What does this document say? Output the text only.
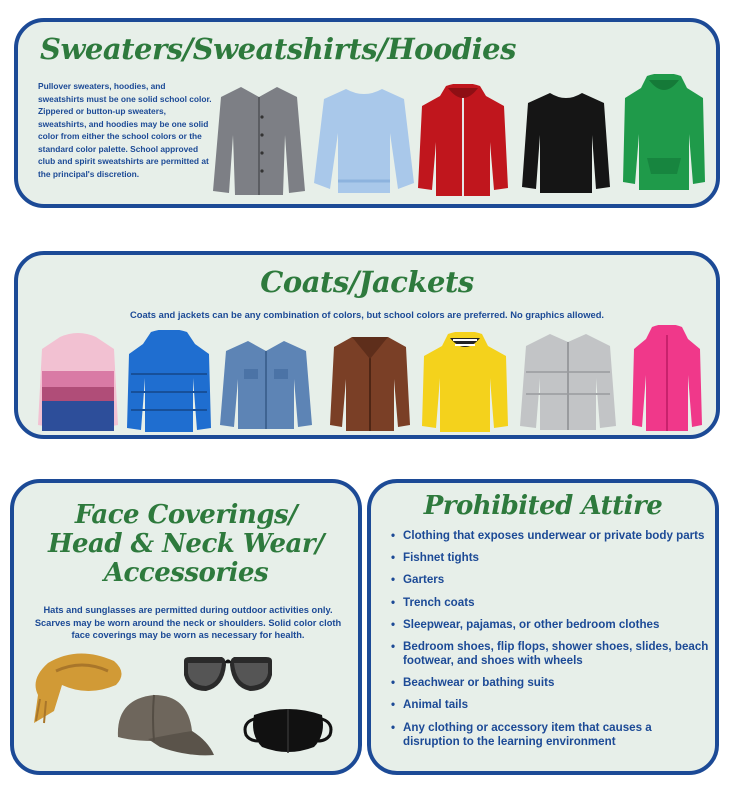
Sweaters/Sweatshirts/Hoodies

Pullover sweaters, hoodies, and sweatshirts must be one solid school color. Zippered or button-up sweaters, sweatshirts, and hoodies may be one solid color from either the school colors or the standard color palette. School approved club and spirit sweatshirts are permitted at the principal's discretion.

Coats/Jackets

Coats and jackets can be any combination of colors, but school colors are preferred. No graphics allowed.

Face Coverings/
Head & Neck Wear/
Accessories

Hats and sunglasses are permitted during outdoor activities only. Scarves may be worn around the neck or shoulders. Solid color cloth face coverings may be worn as necessary for health.

Prohibited Attire
• Clothing that exposes underwear or private body parts
• Fishnet tights
• Garters
• Trench coats
• Sleepwear, pajamas, or other bedroom clothes
• Bedroom shoes, flip flops, shower shoes, slides, beach footwear, and shoes with wheels
• Beachwear or bathing suits
• Animal tails
• Any clothing or accessory item that causes a disruption to the learning environment
